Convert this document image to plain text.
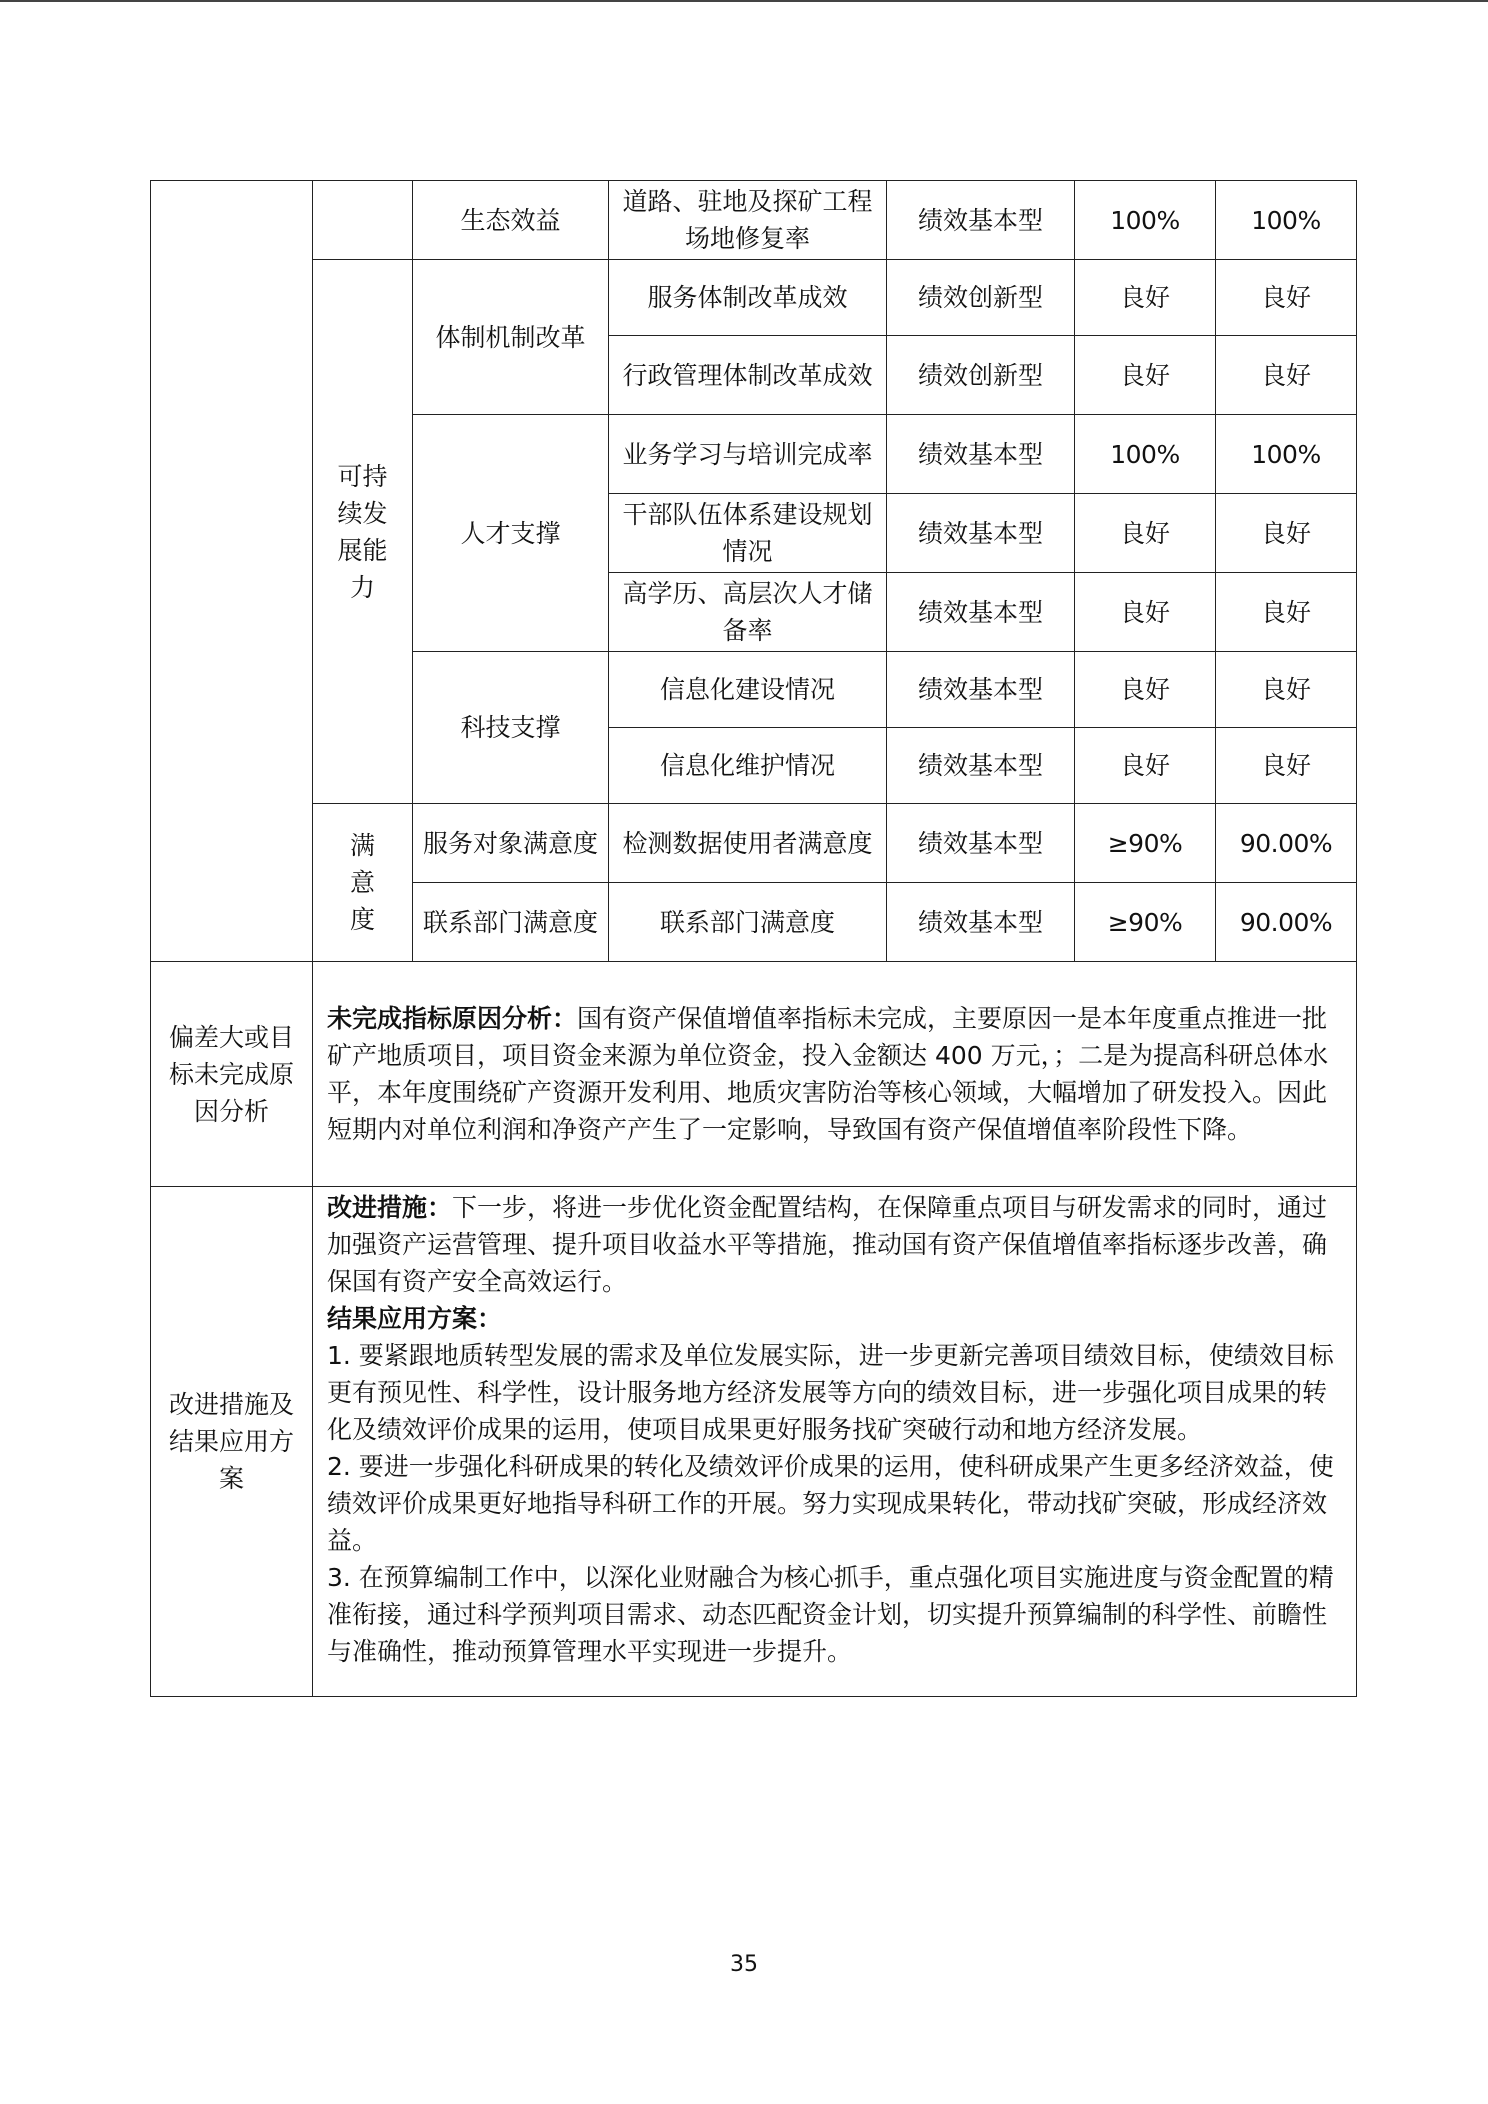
		生态效益	道路、驻地及探矿工程场地修复率	绩效基本型	100%	100%
	可持续发展能力	体制机制改革	服务体制改革成效	绩效创新型	良好	良好
			行政管理体制改革成效	绩效创新型	良好	良好
		人才支撑	业务学习与培训完成率	绩效基本型	100%	100%
			干部队伍体系建设规划情况	绩效基本型	良好	良好
			高学历、高层次人才储备率	绩效基本型	良好	良好
		科技支撑	信息化建设情况	绩效基本型	良好	良好
			信息化维护情况	绩效基本型	良好	良好
	满意度	服务对象满意度	检测数据使用者满意度	绩效基本型	≥90%	90.00%
		联系部门满意度	联系部门满意度	绩效基本型	≥90%	90.00%
偏差大或目标未完成原因分析	未完成指标原因分析：国有资产保值增值率指标未完成，主要原因一是本年度重点推进一批矿产地质项目，项目资金来源为单位资金，投入金额达 400 万元，；二是为提高科研总体水平，本年度围绕矿产资源开发利用、地质灾害防治等核心领域，大幅增加了研发投入。因此短期内对单位利润和净资产产生了一定影响，导致国有资产保值增值率阶段性下降。					

改进措施及结果应用方案	改进措施：下一步，将进一步优化资金配置结构，在保障重点项目与研发需求的同时，通过加强资产运营管理、提升项目收益水平等措施，推动国有资产保值增值率指标逐步改善，确保国有资产安全高效运行。

结果应用方案：

1. 要紧跟地质转型发展的需求及单位发展实际，进一步更新完善项目绩效目标，使绩效目标更有预见性、科学性，设计服务地方经济发展等方向的绩效目标，进一步强化项目成果的转化及绩效评价成果的运用，使项目成果更好服务找矿突破行动和地方经济发展。

2. 要进一步强化科研成果的转化及绩效评价成果的运用，使科研成果产生更多经济效益，使绩效评价成果更好地指导科研工作的开展。努力实现成果转化，带动找矿突破，形成经济效益。

3. 在预算编制工作中，以深化业财融合为核心抓手，重点强化项目实施进度与资金配置的精准衔接，通过科学预判项目需求、动态匹配资金计划，切实提升预算编制的科学性、前瞻性与准确性，推动预算管理水平实现进一步提升。					

35
